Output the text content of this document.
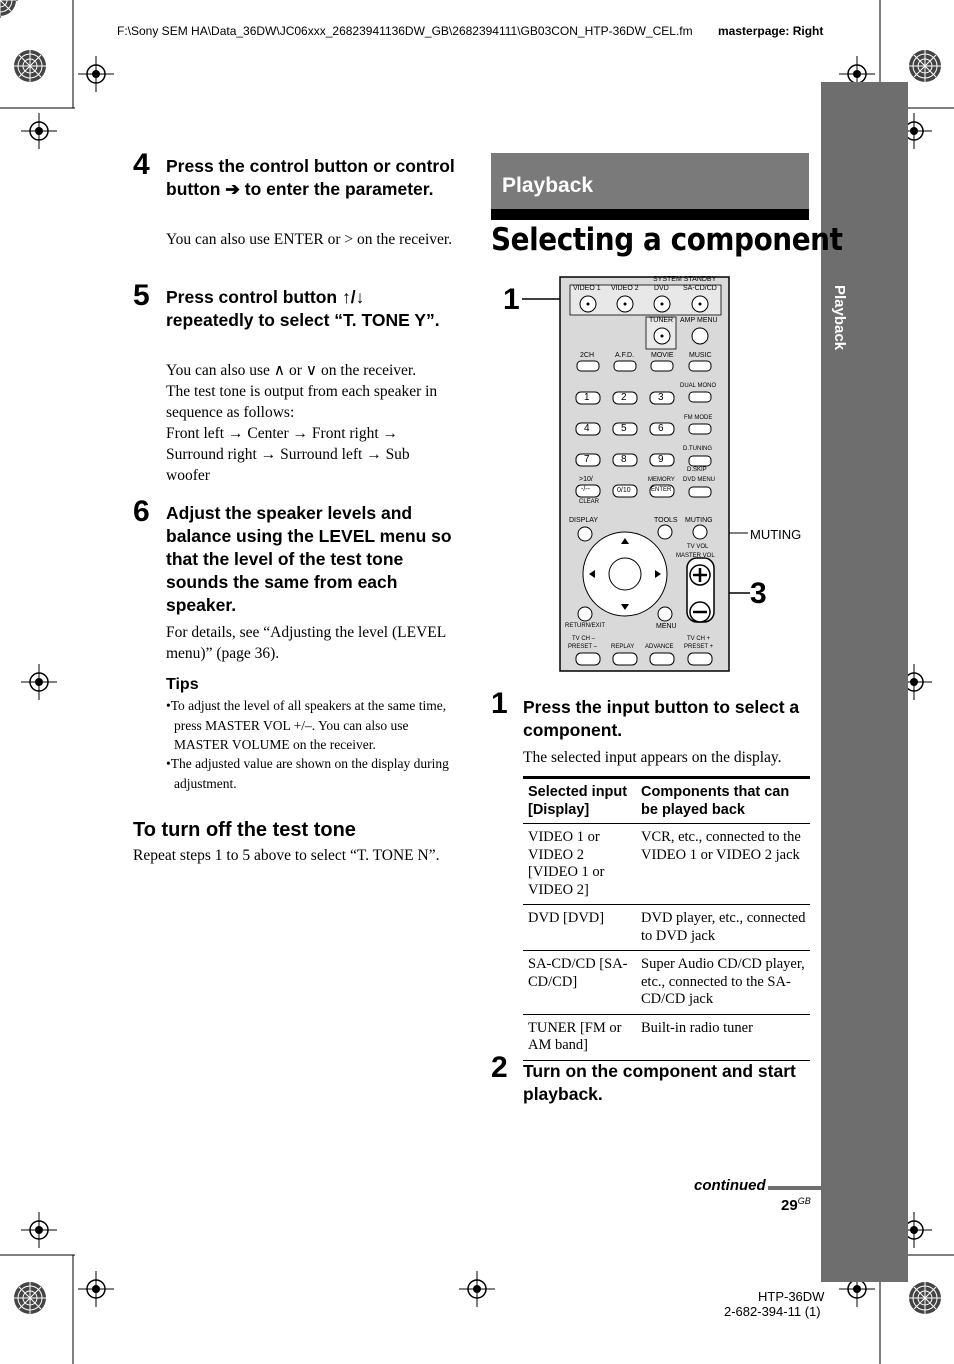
F:\Sony SEM HA\Data_36DW\JC06xxx_26823941136DW_GB\2682394111\GB03CON_HTP-36DW_CEL.fm	masterpage: Right
Playback
4 Press the control button or control button ➔ to enter the parameter.
You can also use ENTER or > on the receiver.
5 Press control button ↑/↓ repeatedly to select “T. TONE Y”.
You can also use ∧ or ∨ on the receiver.
The test tone is output from each speaker in sequence as follows:
Front left → Center → Front right → Surround right → Surround left → Sub woofer
6 Adjust the speaker levels and balance using the LEVEL menu so that the level of the test tone sounds the same from each speaker.
For details, see “Adjusting the level (LEVEL menu)” (page 36).
Tips
•To adjust the level of all speakers at the same time, press MASTER VOL +/–. You can also use MASTER VOLUME on the receiver.
•The adjusted value are shown on the display during adjustment.
To turn off the test tone
Repeat steps 1 to 5 above to select “T. TONE N”.
Playback
Selecting a component
1
3
MUTING
SYSTEM STANDBY
VIDEO 1 VIDEO 2 DVD SA-CD/CD
TUNER AMP MENU
2CH	A.F.D. MOVIE MUSIC
DUAL MONO
1	2	3
FM MODE
4	5	6
D.TUNING
7	8	9
D.SKIP
>10/
-/--
CLEAR
0/10
MEMORY
ENTER
DVD MENU
DISPLAY	TOOLS MUTING
TV VOL
MASTER VOL
RETURN/EXIT	MENU
TV CH –
PRESET – REPLAY ADVANCE
TV CH +
PRESET +
1 Press the input button to select a component.
The selected input appears on the display.
Selected input [Display]	Components that can be played back
VIDEO 1 or VIDEO 2 [VIDEO 1 or VIDEO 2]	VCR, etc., connected to the VIDEO 1 or VIDEO 2 jack
DVD [DVD]	DVD player, etc., connected to DVD jack
SA-CD/CD [SA-CD/CD]	Super Audio CD/CD player, etc., connected to the SA-CD/CD jack
TUNER [FM or AM band]	Built-in radio tuner
2 Turn on the component and start playback.
continued
$29^{GB}$
HTP-36DW
2-682-394-11 (1)
